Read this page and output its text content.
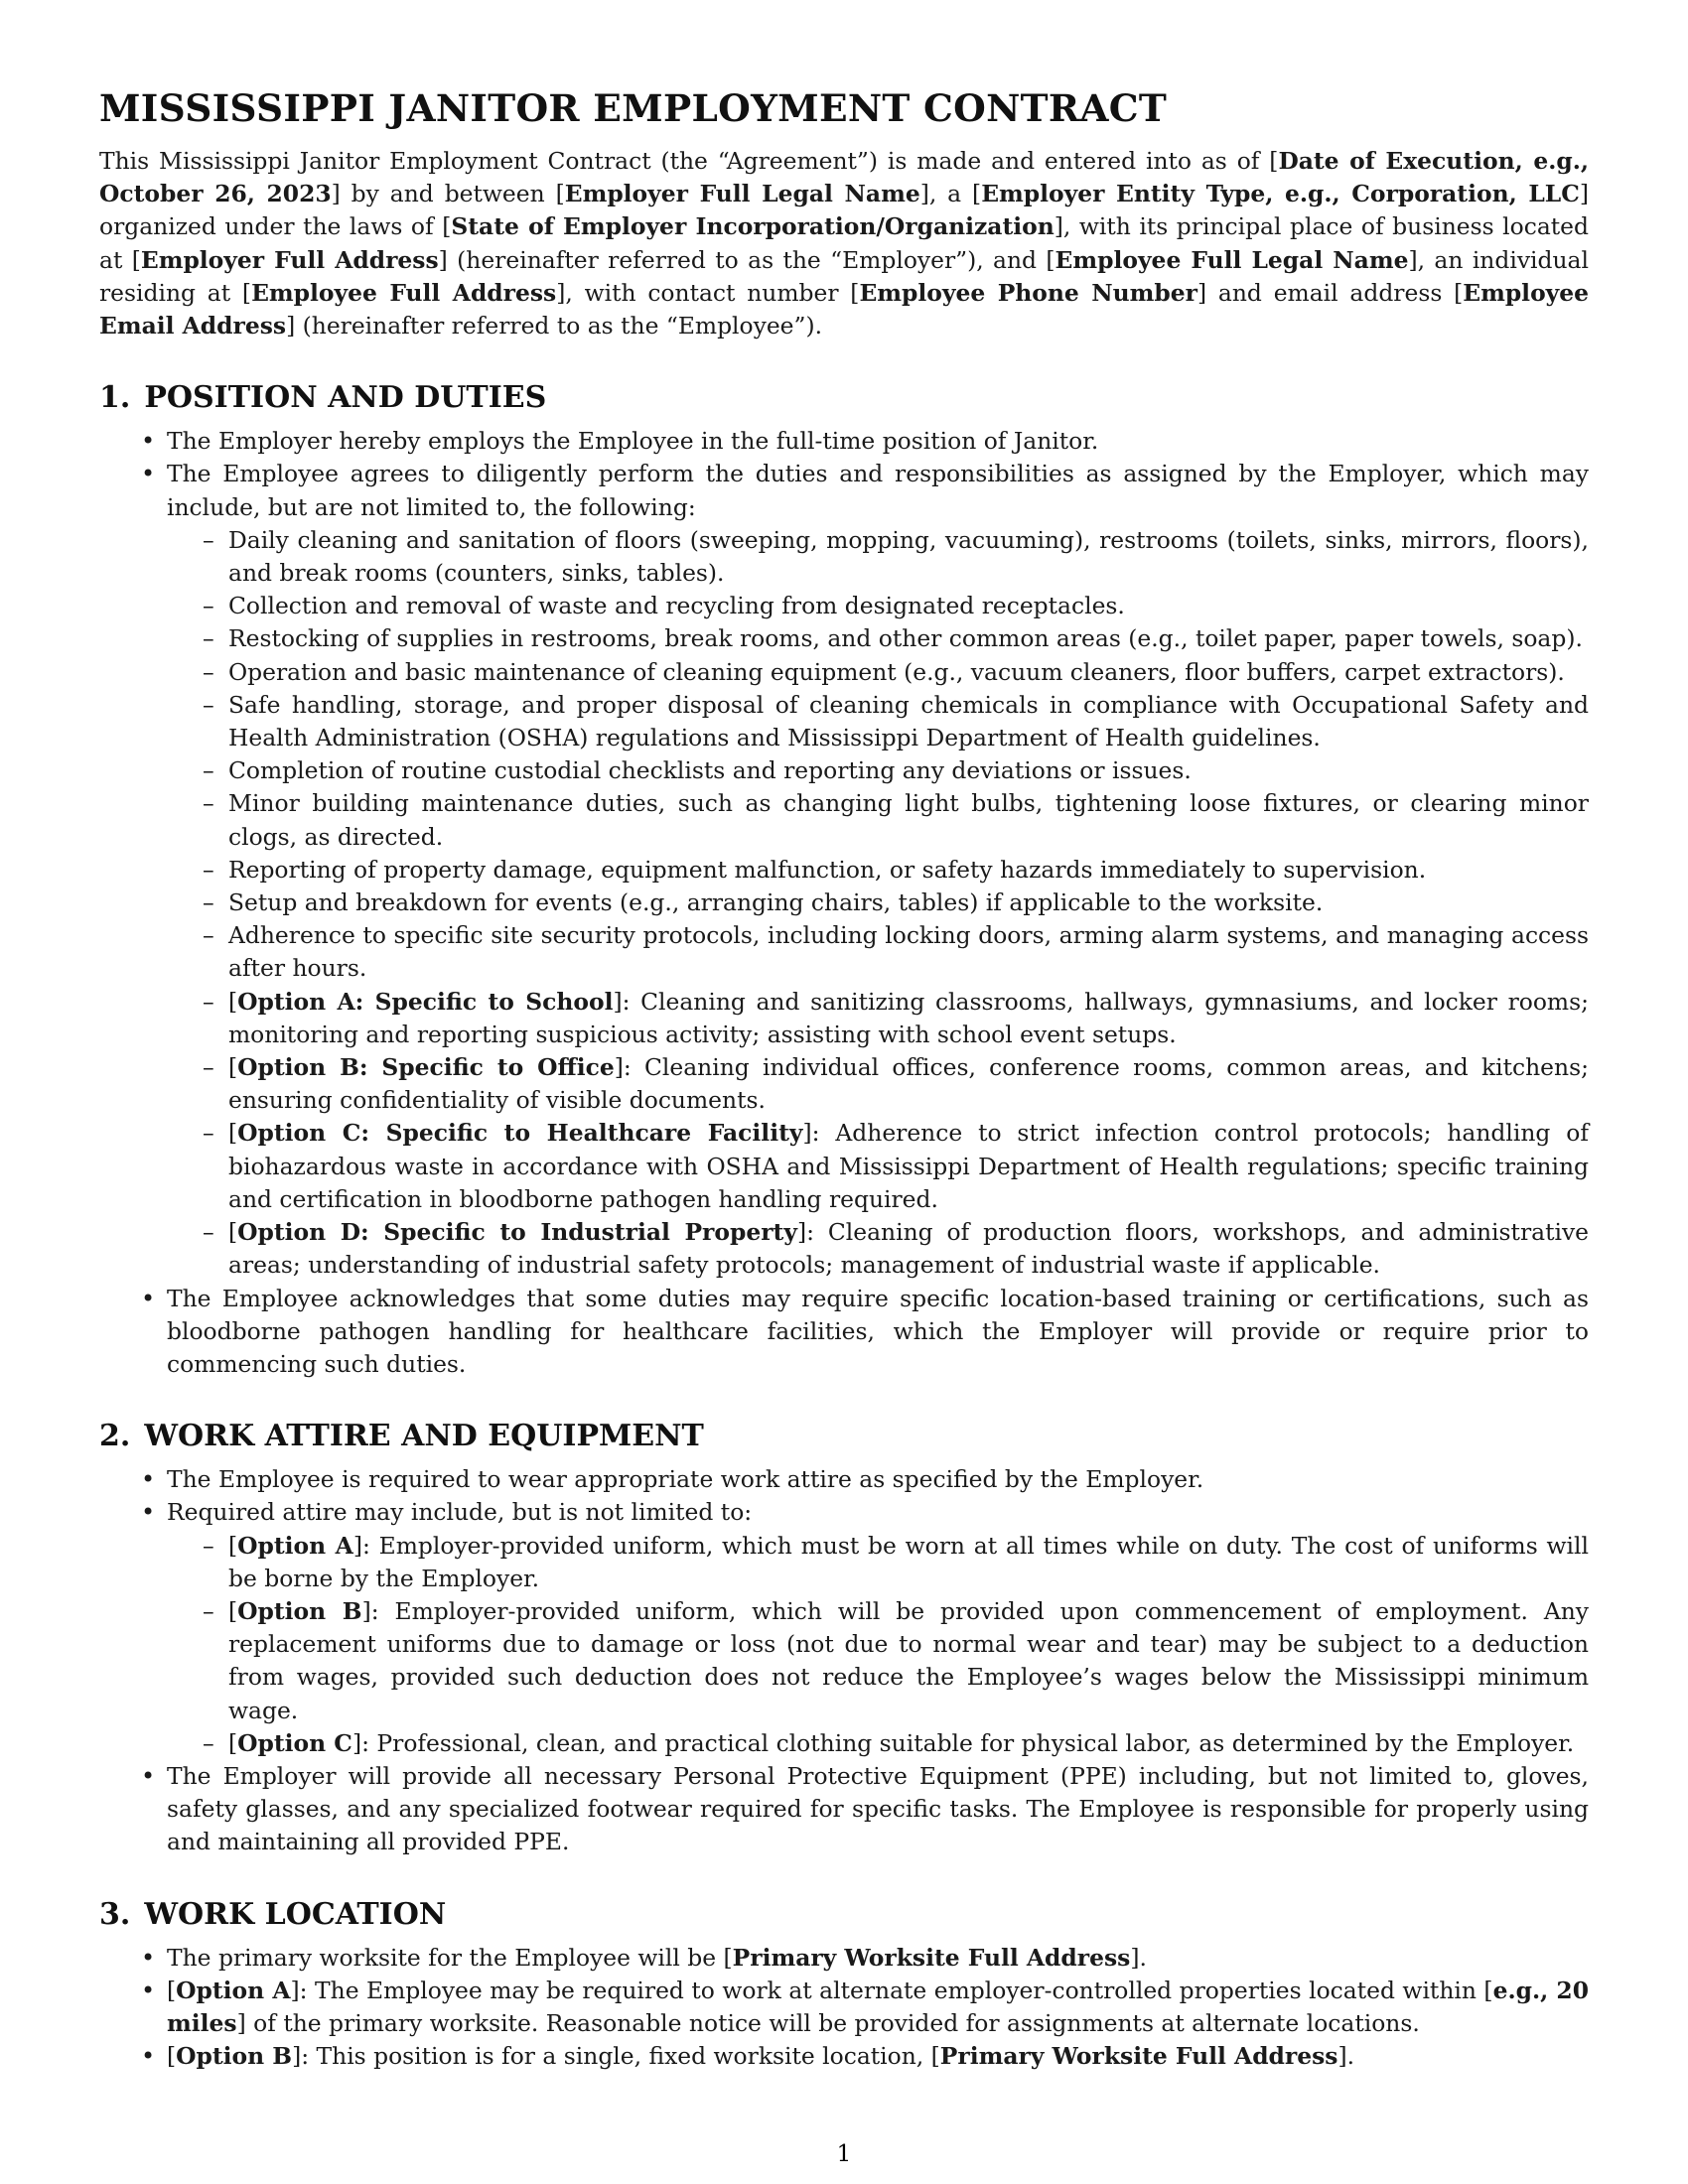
MISSISSIPPI JANITOR EMPLOYMENT CONTRACT

This Mississippi Janitor Employment Contract (the “Agreement”) is made and entered into as of [Date of Execution, e.g., October 26, 2023] by and between [Employer Full Legal Name], a [Employer Entity Type, e.g., Corporation, LLC] organized under the laws of [State of Employer Incorporation/Organization], with its principal place of business located at [Employer Full Address] (hereinafter referred to as the “Employer”), and [Employee Full Legal Name], an individual residing at [Employee Full Address], with contact number [Employee Phone Number] and email address [Employee Email Address] (hereinafter referred to as the “Employee”).

1. POSITION AND DUTIES
• The Employer hereby employs the Employee in the full-time position of Janitor.
• The Employee agrees to diligently perform the duties and responsibilities as assigned by the Employer, which may include, but are not limited to, the following:
– Daily cleaning and sanitation of floors (sweeping, mopping, vacuuming), restrooms (toilets, sinks, mirrors, floors), and break rooms (counters, sinks, tables).
– Collection and removal of waste and recycling from designated receptacles.
– Restocking of supplies in restrooms, break rooms, and other common areas (e.g., toilet paper, paper towels, soap).
– Operation and basic maintenance of cleaning equipment (e.g., vacuum cleaners, floor buffers, carpet extractors).
– Safe handling, storage, and proper disposal of cleaning chemicals in compliance with Occupational Safety and Health Administration (OSHA) regulations and Mississippi Department of Health guidelines.
– Completion of routine custodial checklists and reporting any deviations or issues.
– Minor building maintenance duties, such as changing light bulbs, tightening loose fixtures, or clearing minor clogs, as directed.
– Reporting of property damage, equipment malfunction, or safety hazards immediately to supervision.
– Setup and breakdown for events (e.g., arranging chairs, tables) if applicable to the worksite.
– Adherence to specific site security protocols, including locking doors, arming alarm systems, and managing access after hours.
– [Option A: Specific to School]: Cleaning and sanitizing classrooms, hallways, gymnasiums, and locker rooms; monitoring and reporting suspicious activity; assisting with school event setups.
– [Option B: Specific to Office]: Cleaning individual offices, conference rooms, common areas, and kitchens; ensuring confidentiality of visible documents.
– [Option C: Specific to Healthcare Facility]: Adherence to strict infection control protocols; handling of biohazardous waste in accordance with OSHA and Mississippi Department of Health regulations; specific training and certification in bloodborne pathogen handling required.
– [Option D: Specific to Industrial Property]: Cleaning of production floors, workshops, and administrative areas; understanding of industrial safety protocols; management of industrial waste if applicable.
• The Employee acknowledges that some duties may require specific location-based training or certifications, such as bloodborne pathogen handling for healthcare facilities, which the Employer will provide or require prior to commencing such duties.
2. WORK ATTIRE AND EQUIPMENT
• The Employee is required to wear appropriate work attire as specified by the Employer.
• Required attire may include, but is not limited to:
– [Option A]: Employer-provided uniform, which must be worn at all times while on duty. The cost of uniforms will be borne by the Employer.
– [Option B]: Employer-provided uniform, which will be provided upon commencement of employment. Any replacement uniforms due to damage or loss (not due to normal wear and tear) may be subject to a deduction from wages, provided such deduction does not reduce the Employee’s wages below the Mississippi minimum wage.
– [Option C]: Professional, clean, and practical clothing suitable for physical labor, as determined by the Employer.
• The Employer will provide all necessary Personal Protective Equipment (PPE) including, but not limited to, gloves, safety glasses, and any specialized footwear required for specific tasks. The Employee is responsible for properly using and maintaining all provided PPE.
3. WORK LOCATION
• The primary worksite for the Employee will be [Primary Worksite Full Address].
• [Option A]: The Employee may be required to work at alternate employer-controlled properties located within [e.g., 20 miles] of the primary worksite. Reasonable notice will be provided for assignments at alternate locations.
• [Option B]: This position is for a single, fixed worksite location, [Primary Worksite Full Address].
1
